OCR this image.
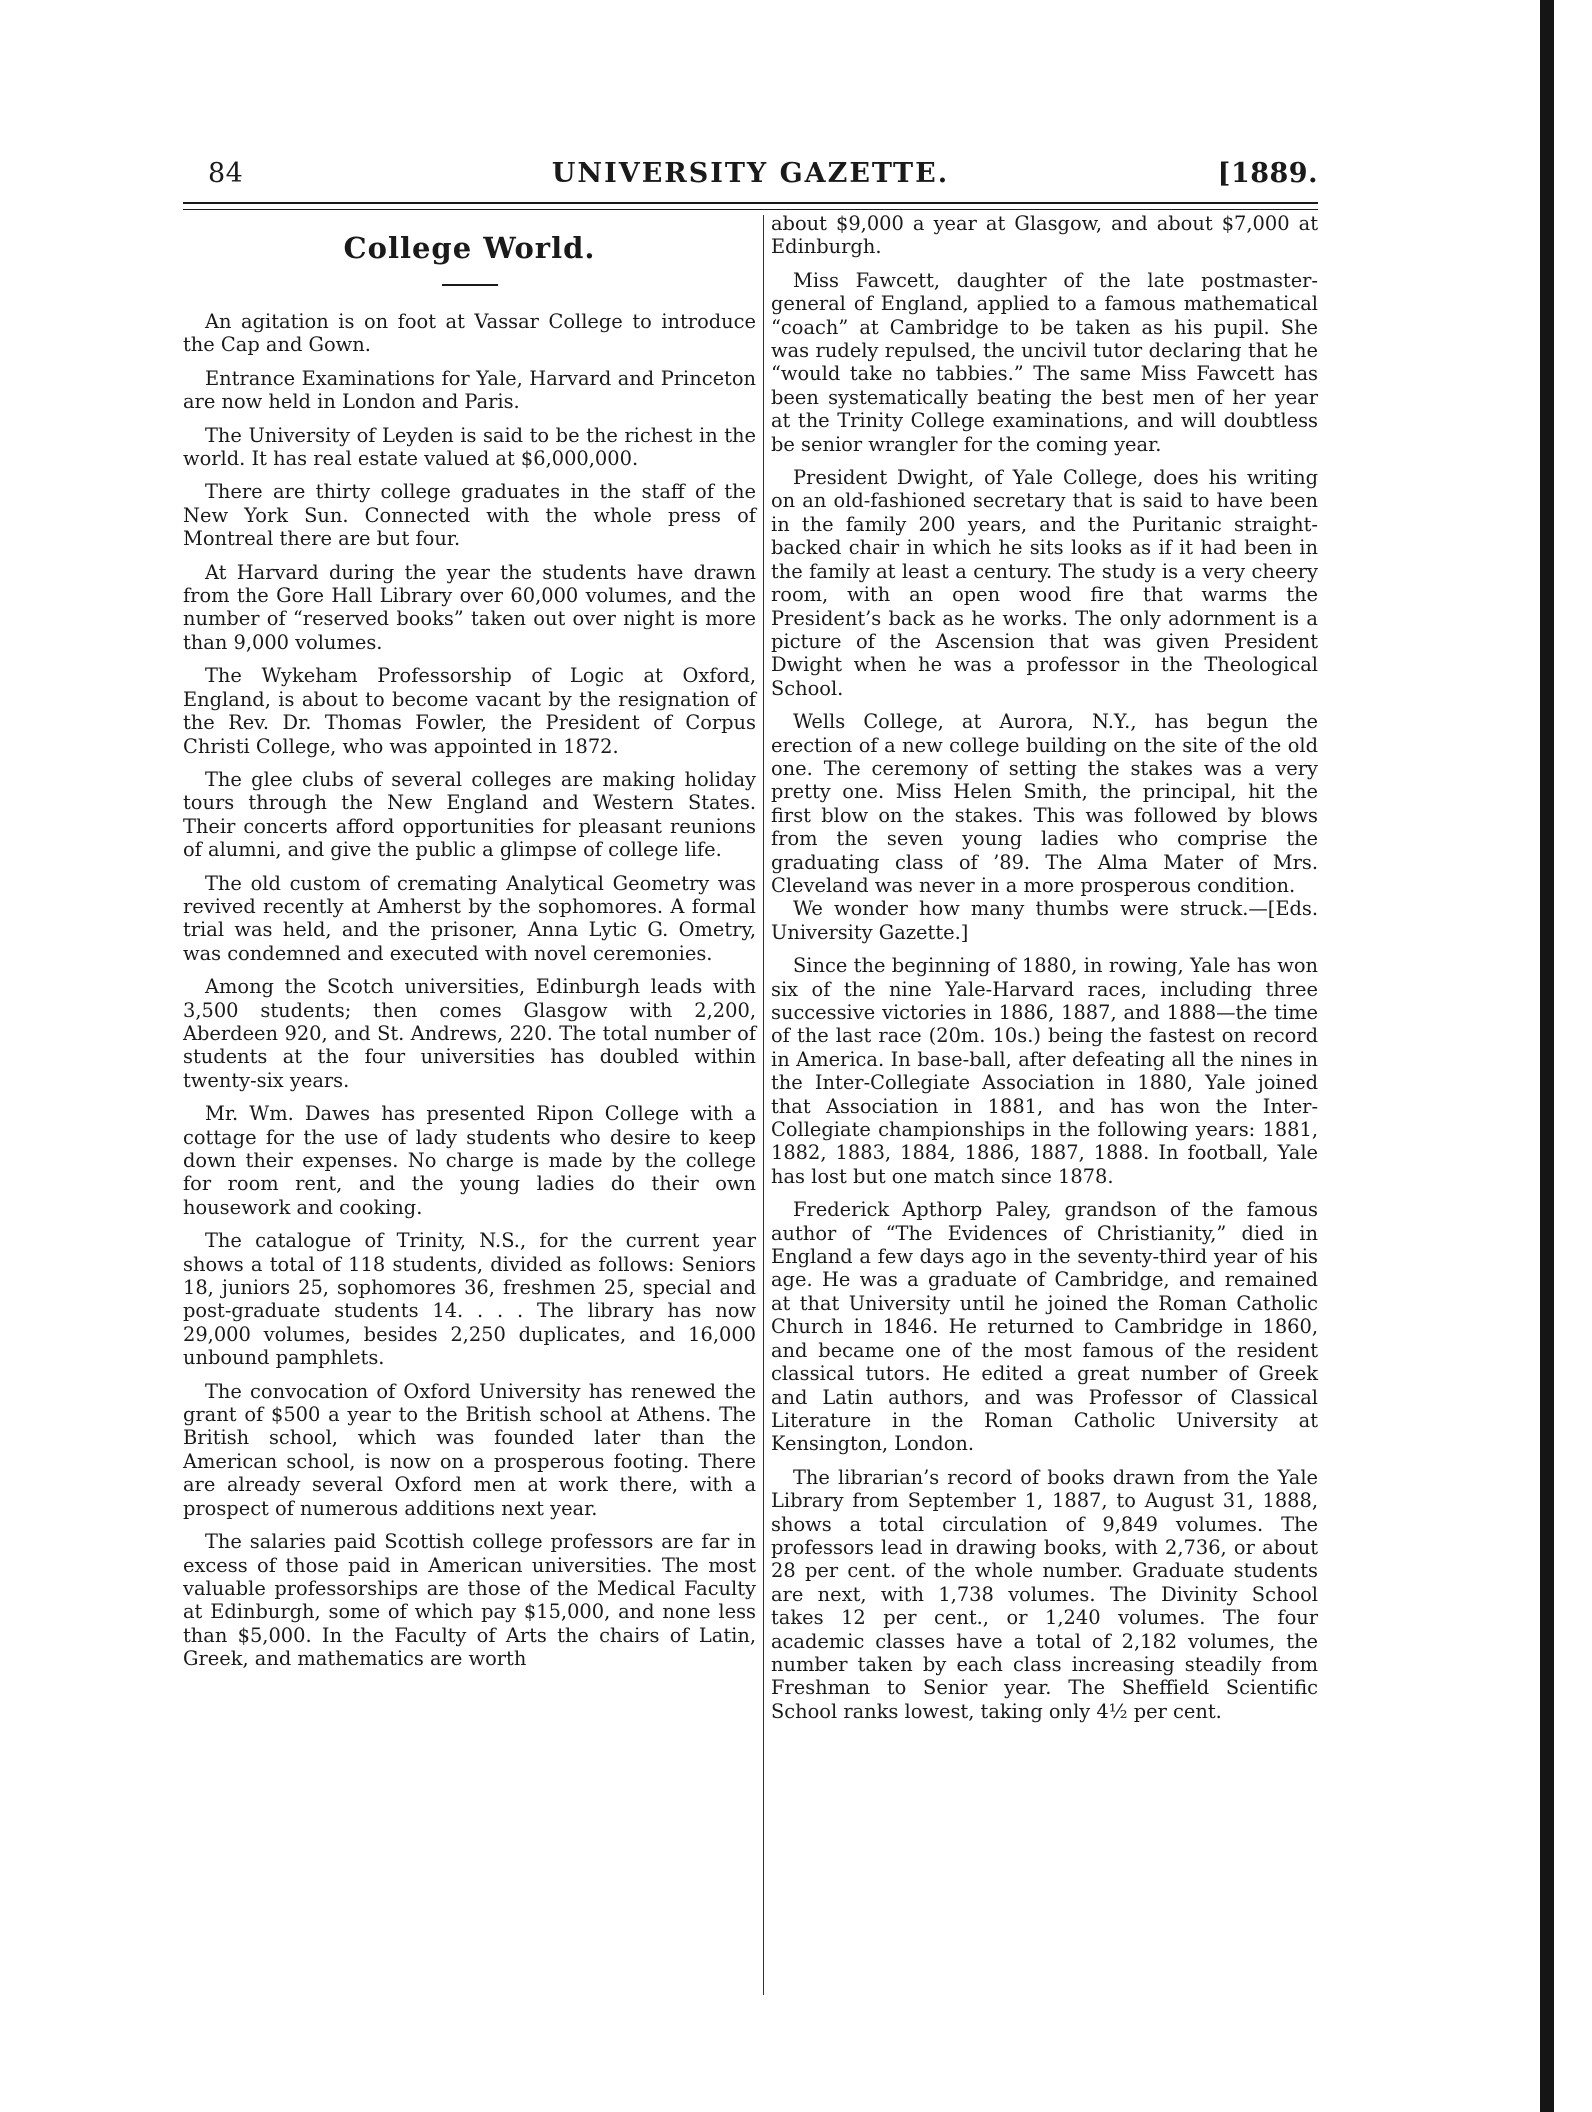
84	UNIVERSITY GAZETTE.	[1889.
College World.

An agitation is on foot at Vassar College to introduce the Cap and Gown.

Entrance Examinations for Yale, Harvard and Princeton are now held in London and Paris.

The University of Leyden is said to be the richest in the world. It has real estate valued at $6,000,000.

There are thirty college graduates in the staff of the New York Sun. Connected with the whole press of Montreal there are but four.

At Harvard during the year the students have drawn from the Gore Hall Library over 60,000 volumes, and the number of “reserved books” taken out over night is more than 9,000 volumes.

The Wykeham Professorship of Logic at Oxford, England, is about to become vacant by the resignation of the Rev. Dr. Thomas Fowler, the President of Corpus Christi College, who was appointed in 1872.

The glee clubs of several colleges are making holiday tours through the New England and Western States. Their concerts afford opportunities for pleasant reunions of alumni, and give the public a glimpse of college life.

The old custom of cremating Analytical Geometry was revived recently at Amherst by the sophomores. A formal trial was held, and the prisoner, Anna Lytic G. Ometry, was condemned and executed with novel ceremonies.

Among the Scotch universities, Edinburgh leads with 3,500 students; then comes Glasgow with 2,200, Aberdeen 920, and St. Andrews, 220. The total number of students at the four universities has doubled within twenty-six years.

Mr. Wm. Dawes has presented Ripon College with a cottage for the use of lady students who desire to keep down their expenses. No charge is made by the college for room rent, and the young ladies do their own housework and cooking.

The catalogue of Trinity, N.S., for the current year shows a total of 118 students, divided as follows: Seniors 18, juniors 25, sophomores 36, freshmen 25, special and post-graduate students 14. . . . The library has now 29,000 volumes, besides 2,250 duplicates, and 16,000 unbound pamphlets.

The convocation of Oxford University has renewed the grant of $500 a year to the British school at Athens. The British school, which was founded later than the American school, is now on a prosperous footing. There are already several Oxford men at work there, with a prospect of numerous additions next year.

The salaries paid Scottish college professors are far in excess of those paid in American universities. The most valuable professorships are those of the Medical Faculty at Edinburgh, some of which pay $15,000, and none less than $5,000. In the Faculty of Arts the chairs of Latin, Greek, and mathematics are worth

about $9,000 a year at Glasgow, and about $7,000 at Edinburgh.

Miss Fawcett, daughter of the late postmaster-general of England, applied to a famous mathematical “coach” at Cambridge to be taken as his pupil. She was rudely repulsed, the uncivil tutor declaring that he “would take no tabbies.” The same Miss Fawcett has been systematically beating the best men of her year at the Trinity College examinations, and will doubtless be senior wrangler for the coming year.

President Dwight, of Yale College, does his writing on an old-fashioned secretary that is said to have been in the family 200 years, and the Puritanic straight-backed chair in which he sits looks as if it had been in the family at least a century. The study is a very cheery room, with an open wood fire that warms the President’s back as he works. The only adornment is a picture of the Ascension that was given President Dwight when he was a professor in the Theological School.

Wells College, at Aurora, N.Y., has begun the erection of a new college building on the site of the old one. The ceremony of setting the stakes was a very pretty one. Miss Helen Smith, the principal, hit the first blow on the stakes. This was followed by blows from the seven young ladies who comprise the graduating class of ’89. The Alma Mater of Mrs. Cleveland was never in a more prosperous condition.

We wonder how many thumbs were struck.—[Eds. University Gazette.]

Since the beginning of 1880, in rowing, Yale has won six of the nine Yale-Harvard races, including three successive victories in 1886, 1887, and 1888—the time of the last race (20m. 10s.) being the fastest on record in America. In base-ball, after defeating all the nines in the Inter-Collegiate Association in 1880, Yale joined that Association in 1881, and has won the Inter-Collegiate championships in the following years: 1881, 1882, 1883, 1884, 1886, 1887, 1888. In football, Yale has lost but one match since 1878.

Frederick Apthorp Paley, grandson of the famous author of “The Evidences of Christianity,” died in England a few days ago in the seventy-third year of his age. He was a graduate of Cambridge, and remained at that University until he joined the Roman Catholic Church in 1846. He returned to Cambridge in 1860, and became one of the most famous of the resident classical tutors. He edited a great number of Greek and Latin authors, and was Professor of Classical Literature in the Roman Catholic University at Kensington, London.

The librarian’s record of books drawn from the Yale Library from September 1, 1887, to August 31, 1888, shows a total circulation of 9,849 volumes. The professors lead in drawing books, with 2,736, or about 28 per cent. of the whole number. Graduate students are next, with 1,738 volumes. The Divinity School takes 12 per cent., or 1,240 volumes. The four academic classes have a total of 2,182 volumes, the number taken by each class increasing steadily from Freshman to Senior year. The Sheffield Scientific School ranks lowest, taking only 4½ per cent.
